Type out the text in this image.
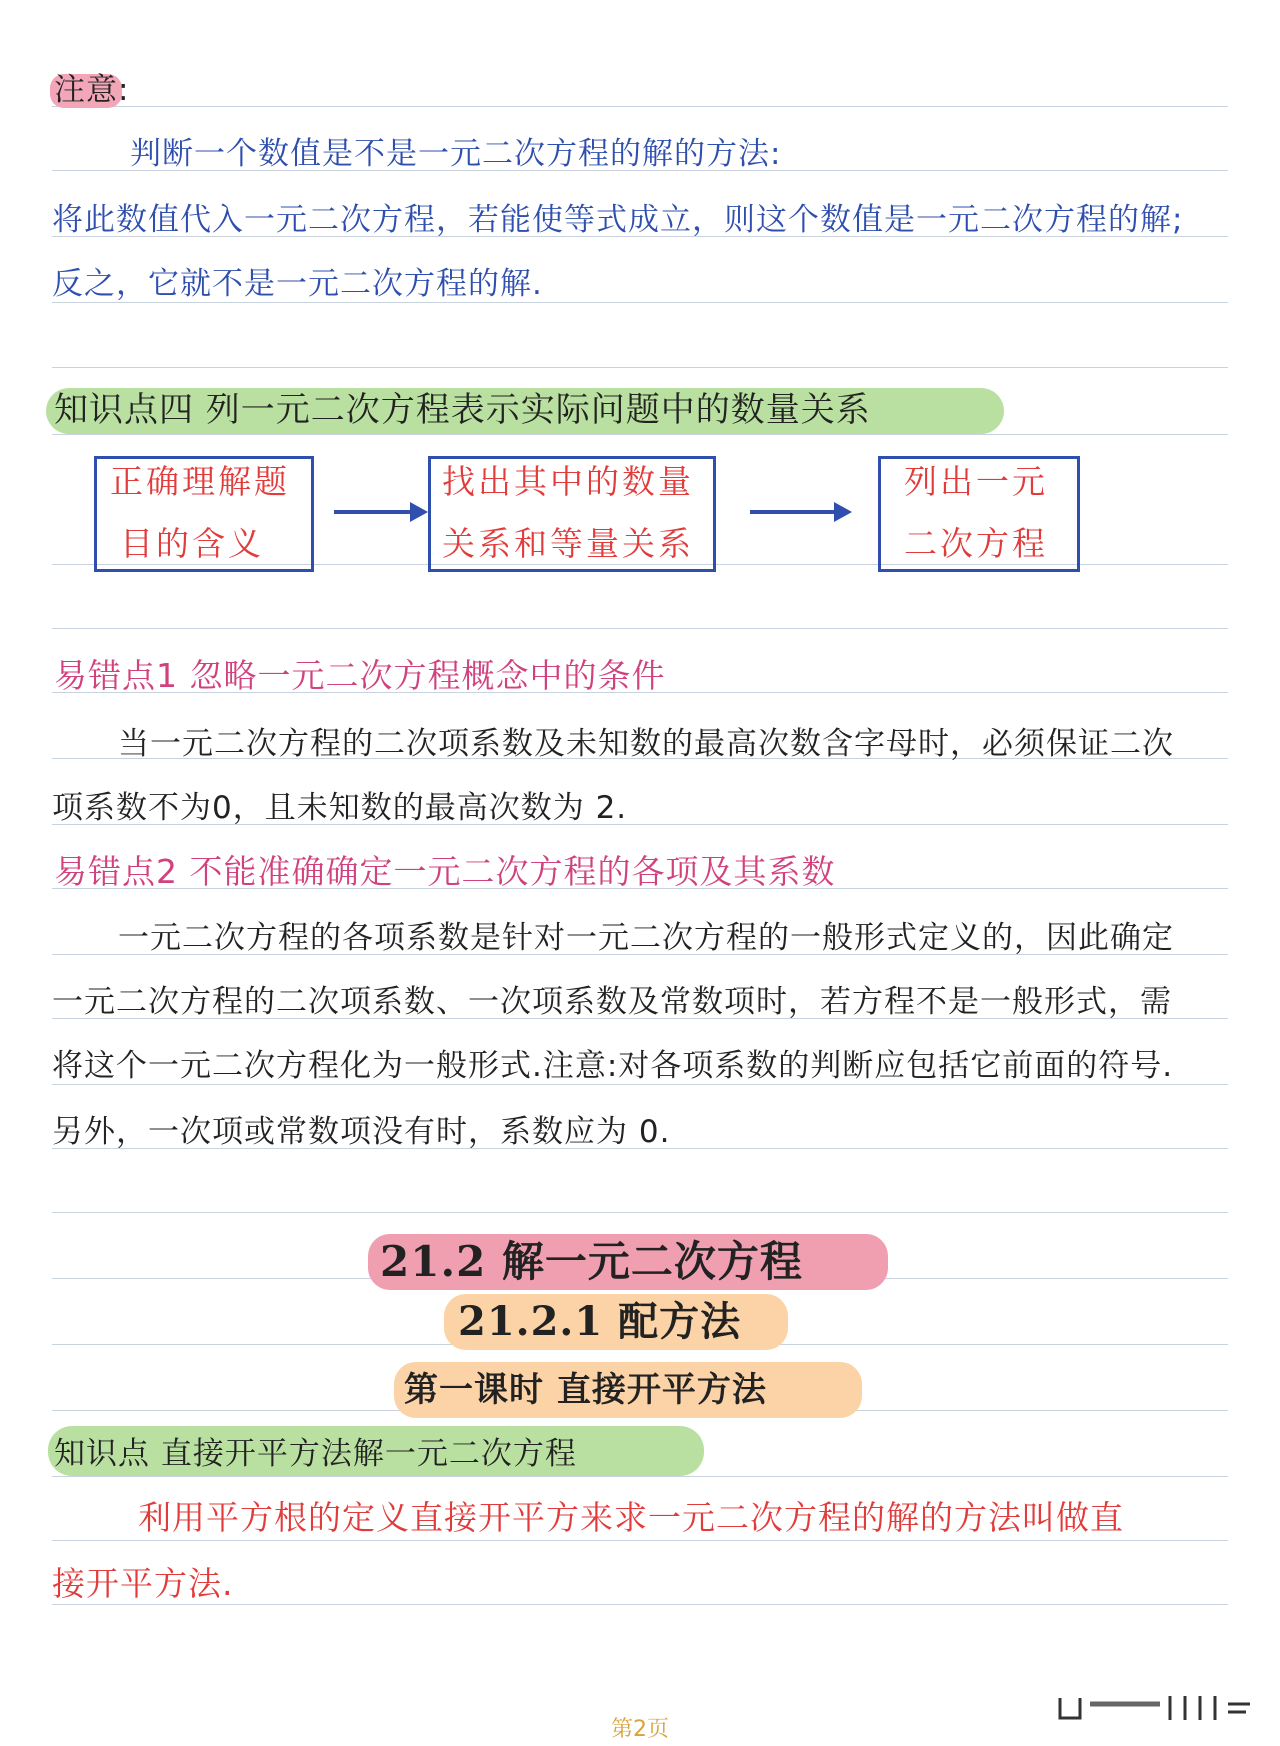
注意:
判断一个数值是不是一元二次方程的解的方法:
将此数值代入一元二次方程，若能使等式成立，则这个数值是一元二次方程的解;
反之，它就不是一元二次方程的解.
知识点四 列一元二次方程表示实际问题中的数量关系
正确理解题
目的含义
找出其中的数量
关系和等量关系
列出一元
二次方程
易错点1 忽略一元二次方程概念中的条件
当一元二次方程的二次项系数及未知数的最高次数含字母时，必须保证二次
项系数不为0，且未知数的最高次数为 2.
易错点2 不能准确确定一元二次方程的各项及其系数
一元二次方程的各项系数是针对一元二次方程的一般形式定义的，因此确定
一元二次方程的二次项系数、一次项系数及常数项时，若方程不是一般形式，需
将这个一元二次方程化为一般形式.注意:对各项系数的判断应包括它前面的符号.
另外，一次项或常数项没有时，系数应为 0.
21.2 解一元二次方程
21.2.1 配方法
第一课时 直接开平方法
知识点 直接开平方法解一元二次方程
利用平方根的定义直接开平方来求一元二次方程的解的方法叫做直
接开平方法.
第2页
